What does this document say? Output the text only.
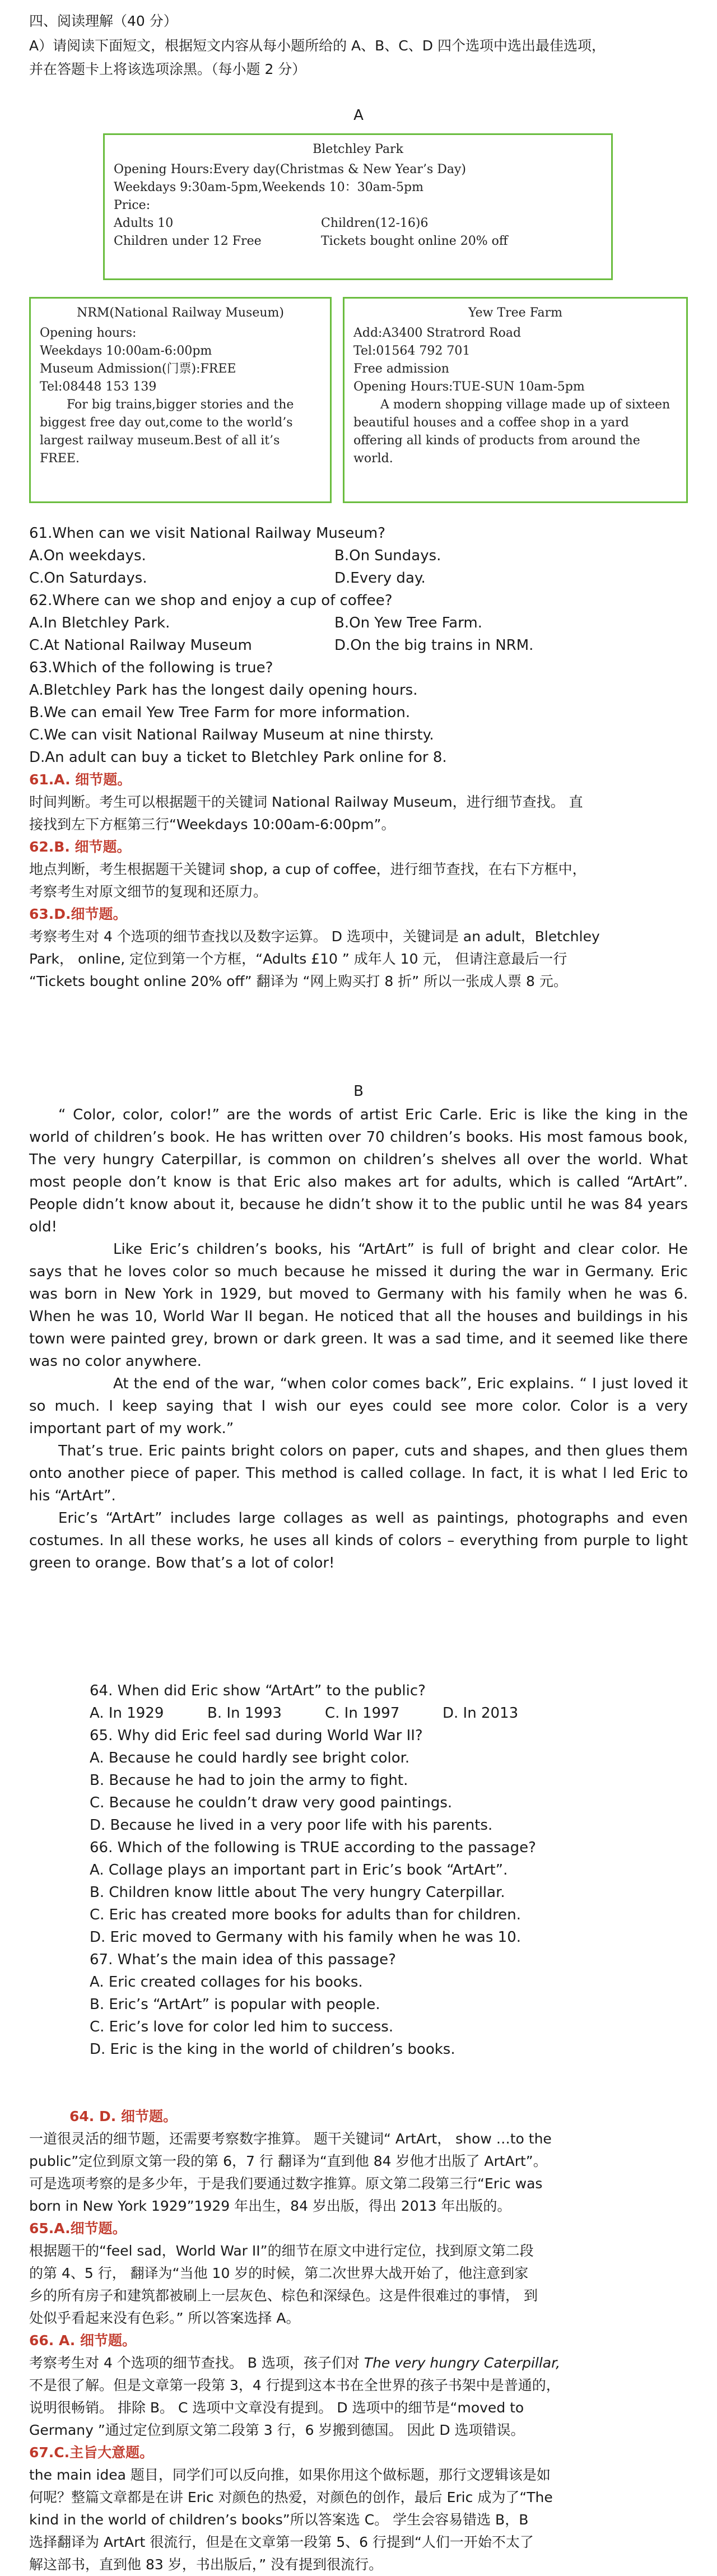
四、阅读理解（40 分）

A）请阅读下面短文，根据短文内容从每小题所给的 A、B、C、D 四个选项中选出最佳选项，

并在答题卡上将该选项涂黑。（每小题 2 分）

A

Bletchley Park

Opening Hours:Every day(Christmas & New Year’s Day)

Weekdays 9:30am-5pm,Weekends 10：30am-5pm

Price:

Adults 10	Children(12-16)6
Children under 12 Free	Tickets bought online 20% off

NRM(National Railway Museum)

Opening hours:

Weekdays 10:00am-6:00pm

Museum Admission(门票):FREE

Tel:08448 153 139

For big trains,bigger stories and the biggest free day out,come to the world’s largest railway museum.Best of all it’s FREE.

Yew Tree Farm

Add:A3400 Stratrord Road

Tel:01564 792 701

Free admission

Opening Hours:TUE-SUN 10am-5pm

A modern shopping village made up of sixteen beautiful houses and a coffee shop in a yard offering all kinds of products from around the world.

61.When can we visit National Railway Museum?

A.On weekdays.	B.On Sundays.
C.On Saturdays.	D.Every day.

62.Where can we shop and enjoy a cup of coffee?

A.In Bletchley Park.	B.On Yew Tree Farm.
C.At National Railway Museum	D.On the big trains in NRM.

63.Which of the following is true?

A.Bletchley Park has the longest daily opening hours.

B.We can email Yew Tree Farm for more information.

C.We can visit National Railway Museum at nine thirsty.

D.An adult can buy a ticket to Bletchley Park online for 8.

61.A. 细节题。

时间判断。考生可以根据题干的关键词 National Railway Museum，进行细节查找。 直

接找到左下方框第三行“Weekdays 10:00am-6:00pm”。

62.B. 细节题。

地点判断，考生根据题干关键词 shop, a cup of coffee，进行细节查找，在右下方框中，

考察考生对原文细节的复现和还原力。

63.D.细节题。

考察考生对 4 个选项的细节查找以及数字运算。 D 选项中，关键词是 an adult，Bletchley

Park， online, 定位到第一个方框，“Adults £10 ” 成年人 10 元， 但请注意最后一行

“Tickets bought online 20% off” 翻译为 “网上购买打 8 折” 所以一张成人票 8 元。

B

“ Color, color, color!” are the words of artist Eric Carle. Eric is like the king in the world of children’s book. He has written over 70 children’s books. His most famous book, The very hungry Caterpillar, is common on children’s shelves all over the world. What most people don’t know is that Eric also makes art for adults, which is called “ArtArt”. People didn’t know about it, because he didn’t show it to the public until he was 84 years old!

Like Eric’s children’s books, his “ArtArt” is full of bright and clear color. He says that he loves color so much because he missed it during the war in Germany. Eric was born in New York in 1929, but moved to Germany with his family when he was 6. When he was 10, World War II began. He noticed that all the houses and buildings in his town were painted grey, brown or dark green. It was a sad time, and it seemed like there was no color anywhere.

At the end of the war, “when color comes back”, Eric explains. “ I just loved it so much. I keep saying that I wish our eyes could see more color. Color is a very important part of my work.”

That’s true. Eric paints bright colors on paper, cuts and shapes, and then glues them onto another piece of paper. This method is called collage. In fact, it is what l led Eric to his “ArtArt”.

Eric’s “ArtArt” includes large collages as well as paintings, photographs and even costumes. In all these works, he uses all kinds of colors – everything from purple to light green to orange. Bow that’s a lot of color!

64. When did Eric show “ArtArt” to the public?

A. In 1929	B. In 1993	C. In 1997	D. In 2013

65. Why did Eric feel sad during World War II?

A. Because he could hardly see bright color.

B. Because he had to join the army to fight.

C. Because he couldn’t draw very good paintings.

D. Because he lived in a very poor life with his parents.

66. Which of the following is TRUE according to the passage?

A. Collage plays an important part in Eric’s book “ArtArt”.

B. Children know little about The very hungry Caterpillar.

C. Eric has created more books for adults than for children.

D. Eric moved to Germany with his family when he was 10.

67. What’s the main idea of this passage?

A. Eric created collages for his books.

B. Eric’s “ArtArt” is popular with people.

C. Eric’s love for color led him to success.

D. Eric is the king in the world of children’s books.

64. D. 细节题。

一道很灵活的细节题，还需要考察数字推算。 题干关键词“ ArtArt， show …to the

public”定位到原文第一段的第 6，7 行 翻译为“直到他 84 岁他才出版了 ArtArt”。

可是选项考察的是多少年，于是我们要通过数字推算。原文第二段第三行“Eric was

born in New York 1929”1929 年出生，84 岁出版，得出 2013 年出版的。

65.A.细节题。

根据题干的“feel sad，World War II”的细节在原文中进行定位，找到原文第二段

的第 4、5 行， 翻译为“当他 10 岁的时候，第二次世界大战开始了，他注意到家

乡的所有房子和建筑都被刷上一层灰色、棕色和深绿色。这是件很难过的事情， 到

处似乎看起来没有色彩。” 所以答案选择 A。

66. A. 细节题。

考察考生对 4 个选项的细节查找。 B 选项，孩子们对 The very hungry Caterpillar,

不是很了解。但是文章第一段第 3，4 行提到这本书在全世界的孩子书架中是普通的，

说明很畅销。 排除 B。 C 选项中文章没有提到。 D 选项中的细节是“moved to

Germany ”通过定位到原文第二段第 3 行，6 岁搬到德国。 因此 D 选项错误。

67.C.主旨大意题。

the main idea 题目，同学们可以反向推，如果你用这个做标题，那行文逻辑该是如

何呢？整篇文章都是在讲 Eric 对颜色的热爱，对颜色的创作，最后 Eric 成为了“The

kind in the world of children’s books”所以答案选 C。 学生会容易错选 B，B

选择翻译为 ArtArt 很流行，但是在文章第一段第 5、6 行提到“人们一开始不太了

解这部书，直到他 83 岁，书出版后，” 没有提到很流行。
